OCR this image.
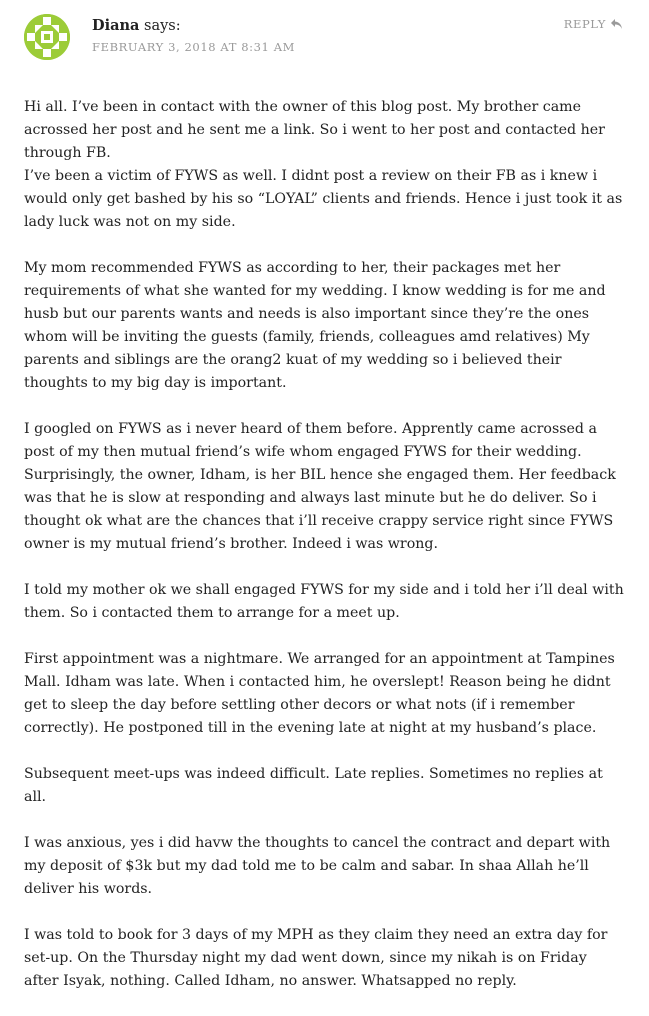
Diana says:
FEBRUARY 3, 2018 AT 8:31 AM
REPLY

Hi all. I’ve been in contact with the owner of this blog post. My brother came acrossed her post and he sent me a link. So i went to her post and contacted her through FB.
I’ve been a victim of FYWS as well. I didnt post a review on their FB as i knew i would only get bashed by his so “LOYAL” clients and friends. Hence i just took it as lady luck was not on my side.

My mom recommended FYWS as according to her, their packages met her requirements of what she wanted for my wedding. I know wedding is for me and husb but our parents wants and needs is also important since they’re the ones whom will be inviting the guests (family, friends, colleagues amd relatives) My parents and siblings are the orang2 kuat of my wedding so i believed their thoughts to my big day is important.

I googled on FYWS as i never heard of them before. Apprently came acrossed a post of my then mutual friend’s wife whom engaged FYWS for their wedding. Surprisingly, the owner, Idham, is her BIL hence she engaged them. Her feedback was that he is slow at responding and always last minute but he do deliver. So i thought ok what are the chances that i’ll receive crappy service right since FYWS owner is my mutual friend’s brother. Indeed i was wrong.

I told my mother ok we shall engaged FYWS for my side and i told her i’ll deal with them. So i contacted them to arrange for a meet up.

First appointment was a nightmare. We arranged for an appointment at Tampines Mall. Idham was late. When i contacted him, he overslept! Reason being he didnt get to sleep the day before settling other decors or what nots (if i remember correctly). He postponed till in the evening late at night at my husband’s place.

Subsequent meet-ups was indeed difficult. Late replies. Sometimes no replies at all.

I was anxious, yes i did havw the thoughts to cancel the contract and depart with my deposit of $3k but my dad told me to be calm and sabar. In shaa Allah he’ll deliver his words.

I was told to book for 3 days of my MPH as they claim they need an extra day for set-up. On the Thursday night my dad went down, since my nikah is on Friday after Isyak, nothing. Called Idham, no answer. Whatsapped no reply.
